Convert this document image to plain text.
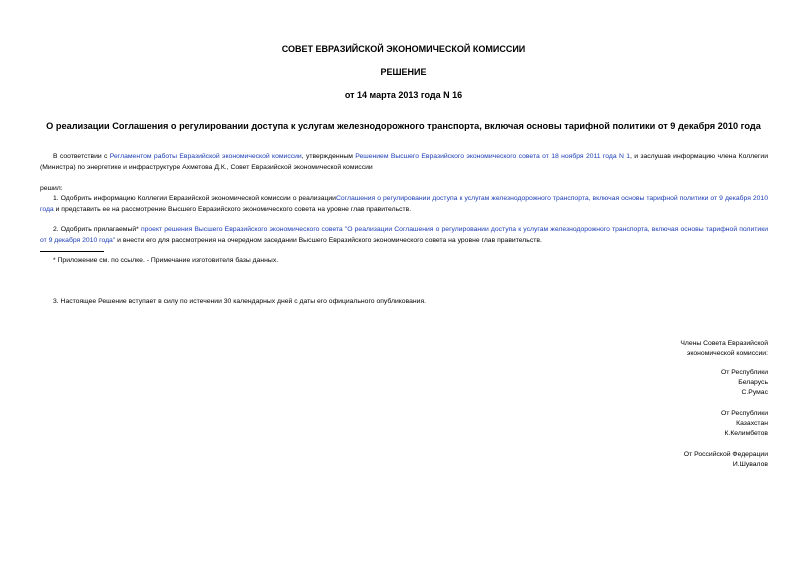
СОВЕТ ЕВРАЗИЙСКОЙ ЭКОНОМИЧЕСКОЙ КОМИССИИ
РЕШЕНИЕ
от 14 марта 2013 года N 16
О реализации Соглашения о регулировании доступа к услугам железнодорожного транспорта, включая основы тарифной политики от 9 декабря 2010 года
В соответствии с Регламентом работы Евразийской экономической комиссии, утвержденным Решением Высшего Евразийского экономического совета от 18 ноября 2011 года N 1, и заслушав информацию члена Коллегии (Министра) по энергетике и инфраструктуре Ахметова Д.К., Совет Евразийской экономической комиссии
решил:
1. Одобрить информацию Коллегии Евразийской экономической комиссии о реализацииСоглашения о регулировании доступа к услугам железнодорожного транспорта, включая основы тарифной политики от 9 декабря 2010 года и представить ее на рассмотрение Высшего Евразийского экономического совета на уровне глав правительств.
2. Одобрить прилагаемый* проект решения Высшего Евразийского экономического совета "О реализации Соглашения о регулировании доступа к услугам железнодорожного транспорта, включая основы тарифной политики от 9 декабря 2010 года" и внести его для рассмотрения на очередном заседании Высшего Евразийского экономического совета на уровне глав правительств.
* Приложение см. по ссылке. - Примечание изготовителя базы данных.
3. Настоящее Решение вступает в силу по истечении 30 календарных дней с даты его официального опубликования.
Члены Совета Евразийской
экономической комиссии:
От Республики
Беларусь
С.Румас
От Республики
Казахстан
К.Келимбетов
От Российской Федерации
И.Шувалов
